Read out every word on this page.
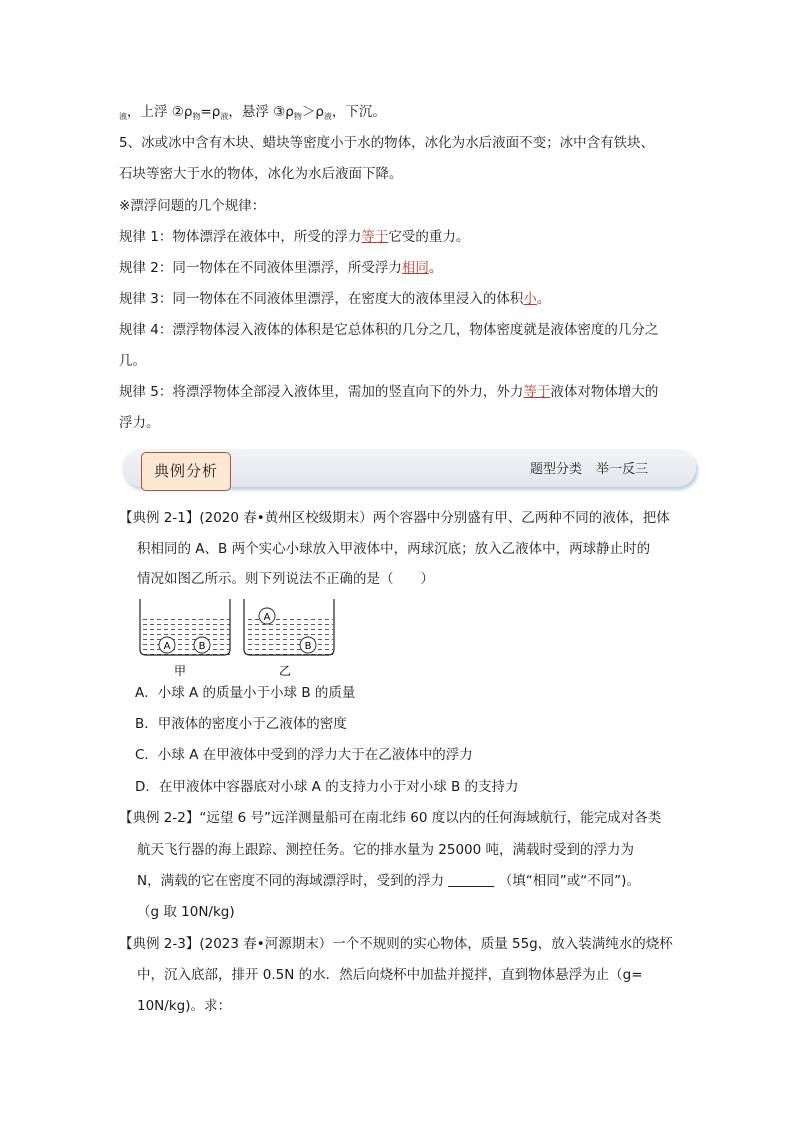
$_液$，上浮 $②\rho_物=\rho_液$，悬浮 $③\rho_物>\rho_液$，下沉。
5、冰或冰中含有木块、蜡块等密度小于水的物体，冰化为水后液面不变；冰中含有铁块、
石块等密大于水的物体，冰化为水后液面下降。
※漂浮问题的几个规律：
规律 1：物体漂浮在液体中，所受的浮力等于它受的重力。
规律 2：同一物体在不同液体里漂浮，所受浮力相同。
规律 3：同一物体在不同液体里漂浮，在密度大的液体里浸入的体积小。
规律 4：漂浮物体浸入液体的体积是它总体积的几分之几，物体密度就是液体密度的几分之
几。
规律 5：将漂浮物体全部浸入液体里，需加的竖直向下的外力，外力等于液体对物体增大的
浮力。
典例分析	题型分类 举一反三
【典例 2-1】(2020 春•黄州区校级期末）两个容器中分别盛有甲、乙两种不同的液体，把体
积相同的 A、B 两个实心小球放入甲液体中，两球沉底；放入乙液体中，两球静止时的
情况如图乙所示。则下列说法不正确的是（　　）
A	B
甲
A
B
乙
A．小球 A 的质量小于小球 B 的质量
B．甲液体的密度小于乙液体的密度
C．小球 A 在甲液体中受到的浮力大于在乙液体中的浮力
D．在甲液体中容器底对小球 A 的支持力小于对小球 B 的支持力
【典例 2-2】“远望 6 号”远洋测量船可在南北纬 60 度以内的任何海域航行，能完成对各类
航天飞行器的海上跟踪、测控任务。它的排水量为 25000 吨，满载时受到的浮力为
N，满载的它在密度不同的海域漂浮时，受到的浮力	（填“相同”或“不同”)。
（g 取 10N/kg)
【典例 2-3】(2023 春•河源期末）一个不规则的实心物体，质量 55g，放入装满纯水的烧杯
中，沉入底部，排开 0.5N 的水．然后向烧杯中加盐并搅拌，直到物体悬浮为止（g=
10N/kg)。求：
